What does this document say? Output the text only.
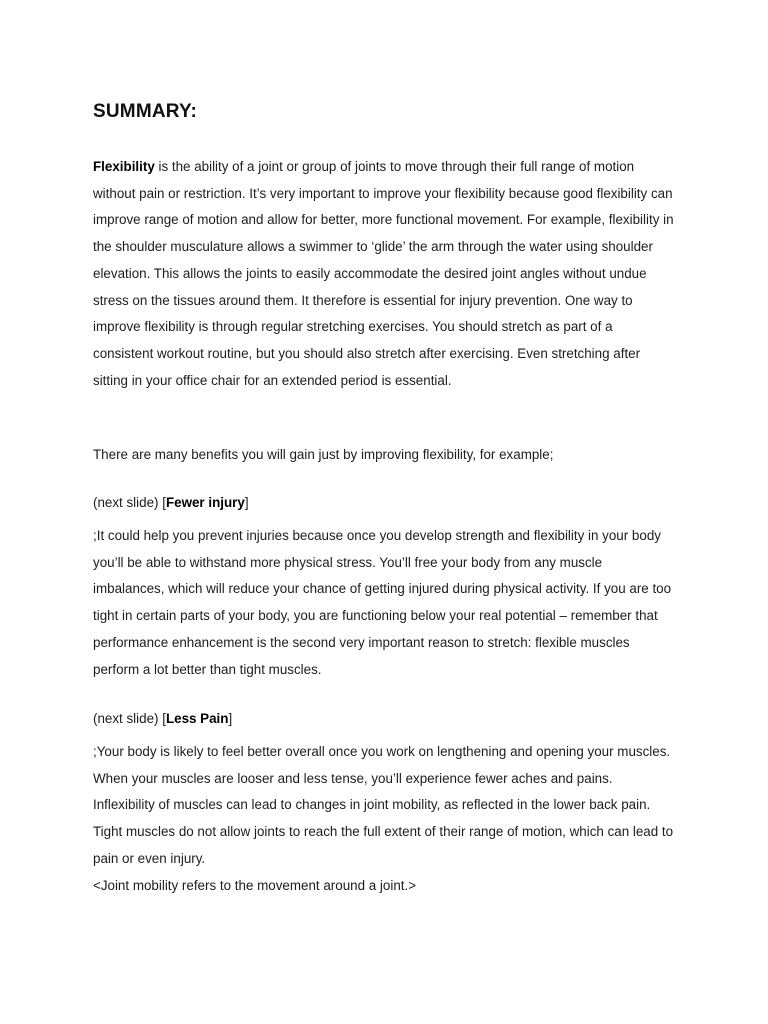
SUMMARY:

Flexibility is the ability of a joint or group of joints to move through their full range of motion without pain or restriction. It’s very important to improve your flexibility because good flexibility can improve range of motion and allow for better, more functional movement. For example, flexibility in the shoulder musculature allows a swimmer to ‘glide’ the arm through the water using shoulder elevation. This allows the joints to easily accommodate the desired joint angles without undue stress on the tissues around them. It therefore is essential for injury prevention. One way to improve flexibility is through regular stretching exercises. You should stretch as part of a consistent workout routine, but you should also stretch after exercising. Even stretching after sitting in your office chair for an extended period is essential.

There are many benefits you will gain just by improving flexibility, for example;

(next slide) [Fewer injury]

;It could help you prevent injuries because once you develop strength and flexibility in your body you’ll be able to withstand more physical stress. You’ll free your body from any muscle imbalances, which will reduce your chance of getting injured during physical activity. If you are too tight in certain parts of your body, you are functioning below your real potential – remember that performance enhancement is the second very important reason to stretch: flexible muscles perform a lot better than tight muscles.

(next slide) [Less Pain]

;Your body is likely to feel better overall once you work on lengthening and opening your muscles. When your muscles are looser and less tense, you’ll experience fewer aches and pains. Inflexibility of muscles can lead to changes in joint mobility, as reflected in the lower back pain. Tight muscles do not allow joints to reach the full extent of their range of motion, which can lead to pain or even injury.

<Joint mobility refers to the movement around a joint.>
